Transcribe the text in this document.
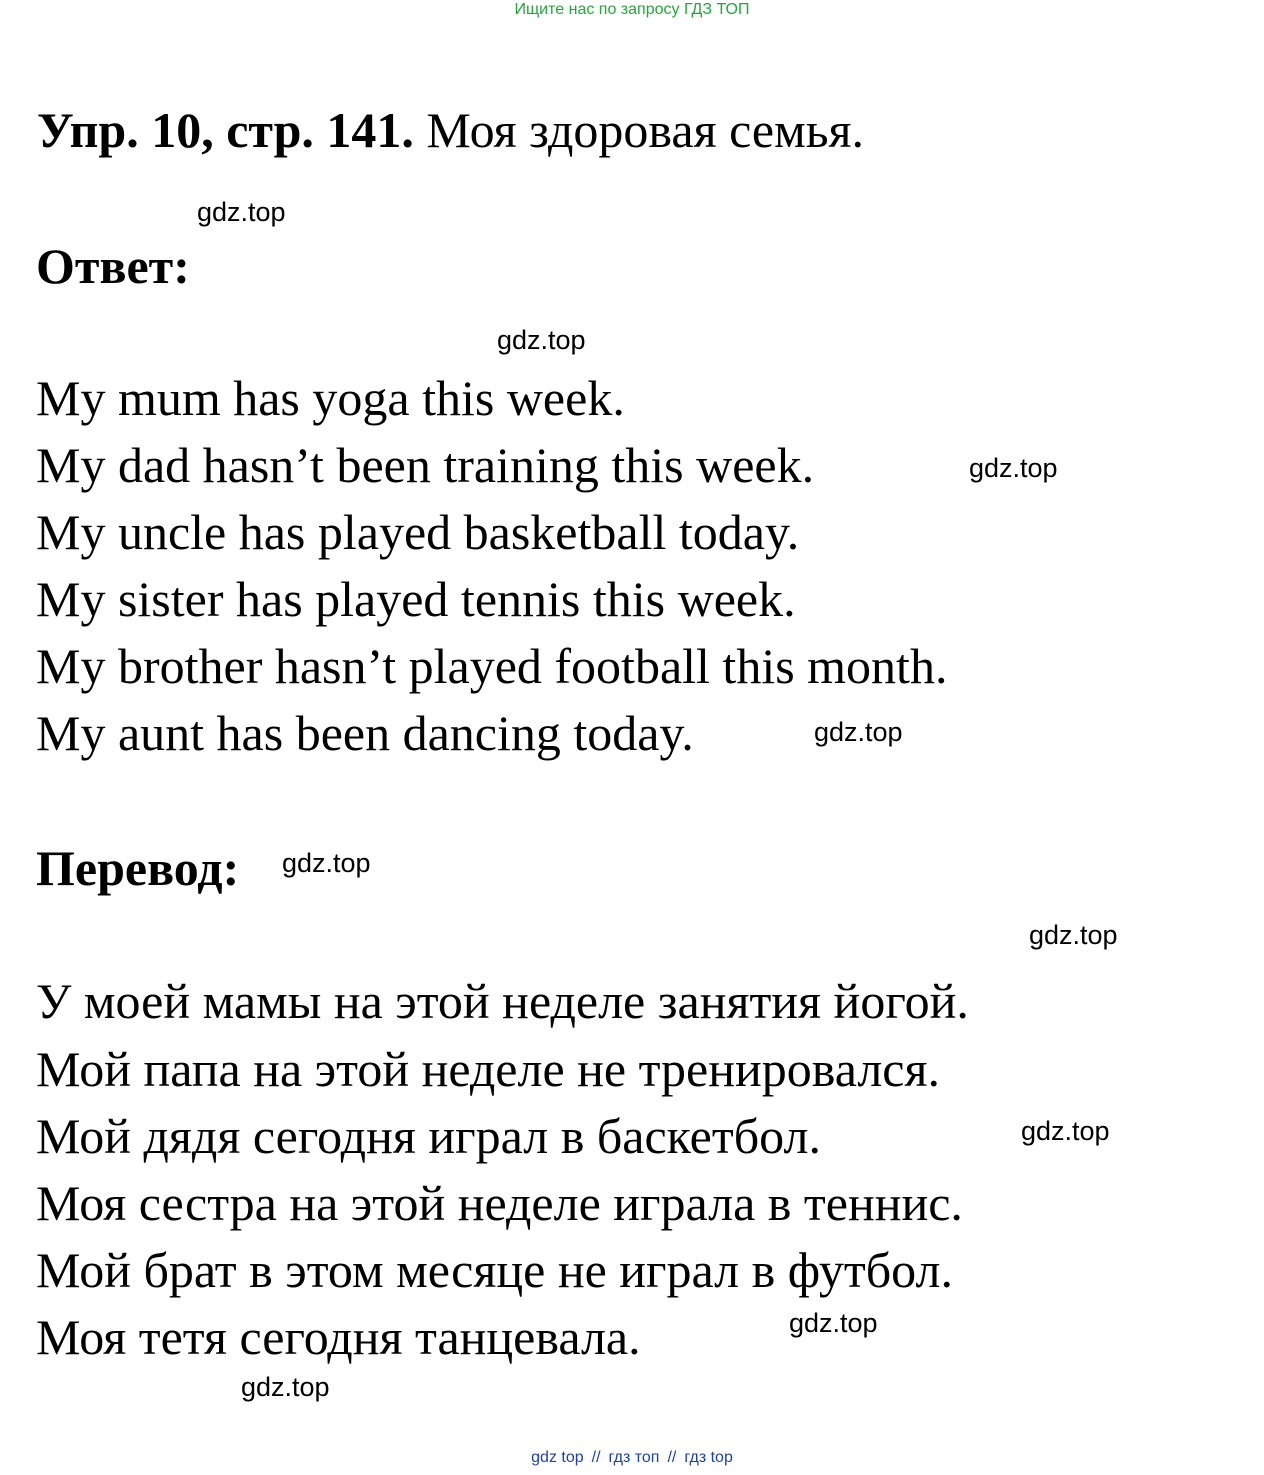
Ищите нас по запросу ГДЗ ТОП
Упр. 10, стр. 141. Моя здоровая семья.
gdz.top
Ответ:
gdz.top
My mum has yoga this week.
My dad hasn’t been training this week.	gdz.top
My uncle has played basketball today.
My sister has played tennis this week.
My brother hasn’t played football this month.
My aunt has been dancing today.	gdz.top
Перевод: gdz.top
gdz.top
У моей мамы на этой неделе занятия йогой.
Мой папа на этой неделе не тренировался.
Мой дядя сегодня играл в баскетбол.	gdz.top
Моя сестра на этой неделе играла в теннис.
Мой брат в этом месяце не играл в футбол.
Моя тетя сегодня танцевала.	gdz.top
gdz.top
gdz top // гдз топ // гдз top
